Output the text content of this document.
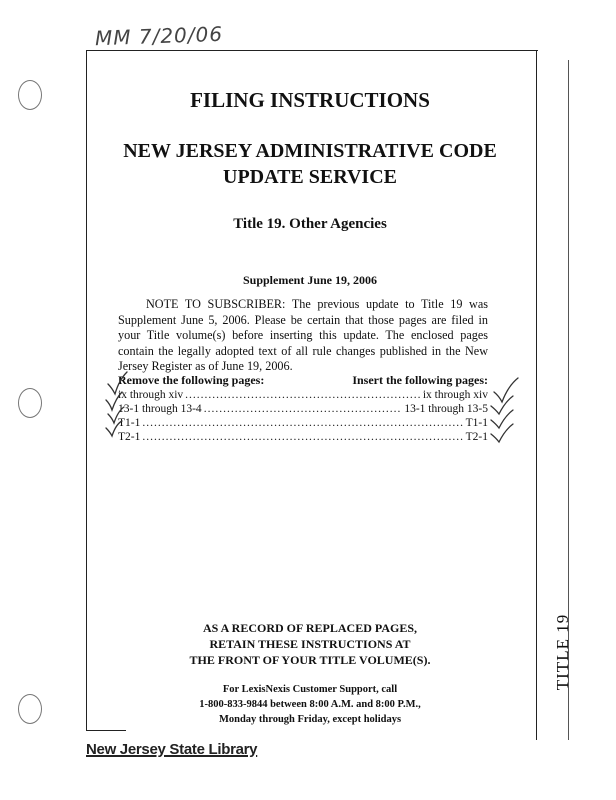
MM 7/20/06
TITLE 19
FILING INSTRUCTIONS
NEW JERSEY ADMINISTRATIVE CODE
UPDATE SERVICE
Title 19. Other Agencies
Supplement June 19, 2006
NOTE TO SUBSCRIBER: The previous update to Title 19 was Supplement June 5, 2006. Please be certain that those pages are filed in your Title volume(s) before inserting this update. The enclosed pages contain the legally adopted text of all rule changes published in the New Jersey Register as of June 19, 2006.
Remove the following pages:	Insert the following pages:
ix through xiv .....	ix through xiv
13-1 through 13-4 .....	13-1 through 13-5
T1-1 .....	T1-1
T2-1 .....	T2-1
AS A RECORD OF REPLACED PAGES,
RETAIN THESE INSTRUCTIONS AT
THE FRONT OF YOUR TITLE VOLUME(S).
For LexisNexis Customer Support, call
1-800-833-9844 between 8:00 A.M. and 8:00 P.M.,
Monday through Friday, except holidays
New Jersey State Library
